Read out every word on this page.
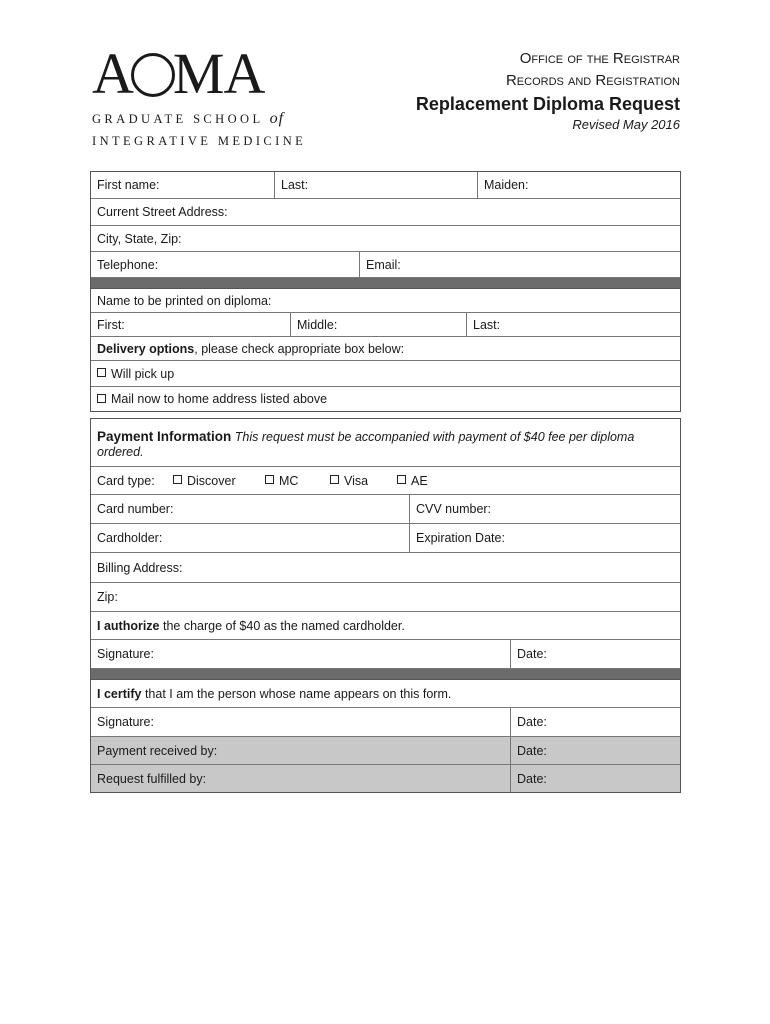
A MA
GRADUATE SCHOOL of
INTEGRATIVE MEDICINE
Office of the Registrar
Records and Registration
Replacement Diploma Request
Revised May 2016
First name:	Last:	Maiden:
Current Street Address:
City, State, Zip:
Telephone:	Email:
Name to be printed on diploma:
First:	Middle:	Last:
Delivery options , please check appropriate box below:
Will pick up
Mail now to home address listed above
Payment Information This request must be accompanied with payment of $40 fee per diploma ordered.
Card type:	Discover	MC	Visa	AE
Card number:	CVV number:
Cardholder:	Expiration Date:
Billing Address:
Zip:
I authorize the charge of $40 as the named cardholder.
Signature:	Date:
I certify that I am the person whose name appears on this form.
Signature:	Date:
Payment received by:	Date:
Request fulfilled by:	Date:
